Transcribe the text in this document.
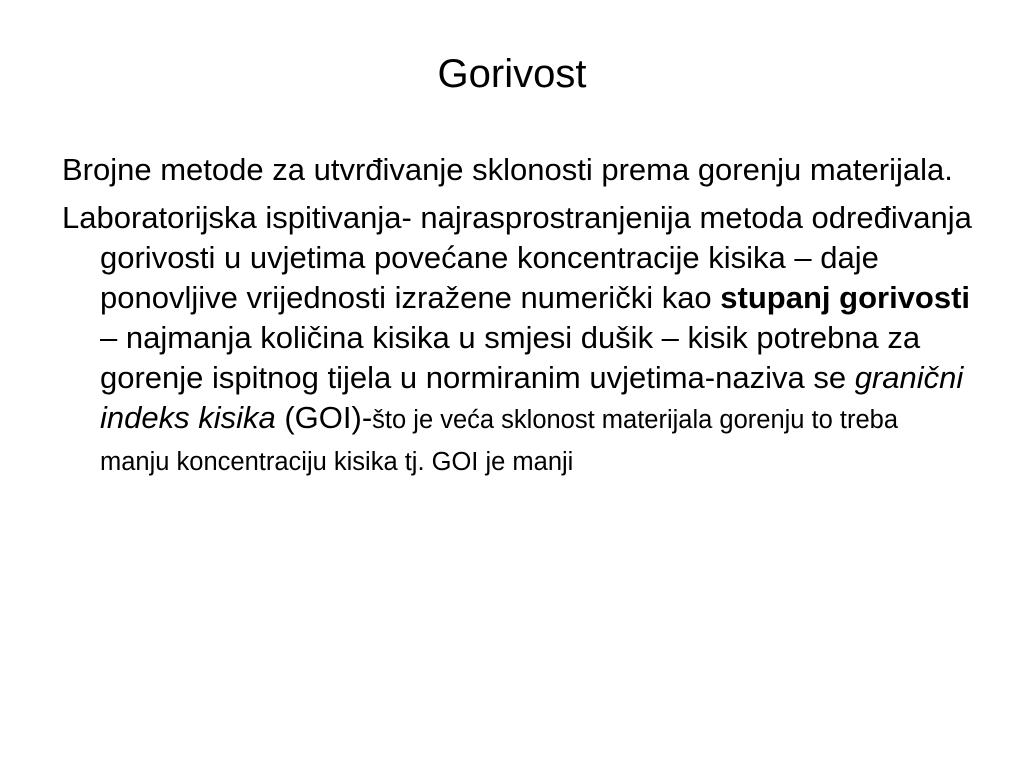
Gorivost

Brojne metode za utvrđivanje sklonosti prema gorenju materijala.

Laboratorijska ispitivanja- najrasprostranjenija metoda određivanja gorivosti u uvjetima povećane koncentracije kisika – daje ponovljive vrijednosti izražene numerički kao stupanj gorivosti – najmanja količina kisika u smjesi dušik – kisik potrebna za gorenje ispitnog tijela u normiranim uvjetima-naziva se granični indeks kisika (GOI)-što je veća sklonost materijala gorenju to treba manju koncentraciju kisika tj. GOI je manji
